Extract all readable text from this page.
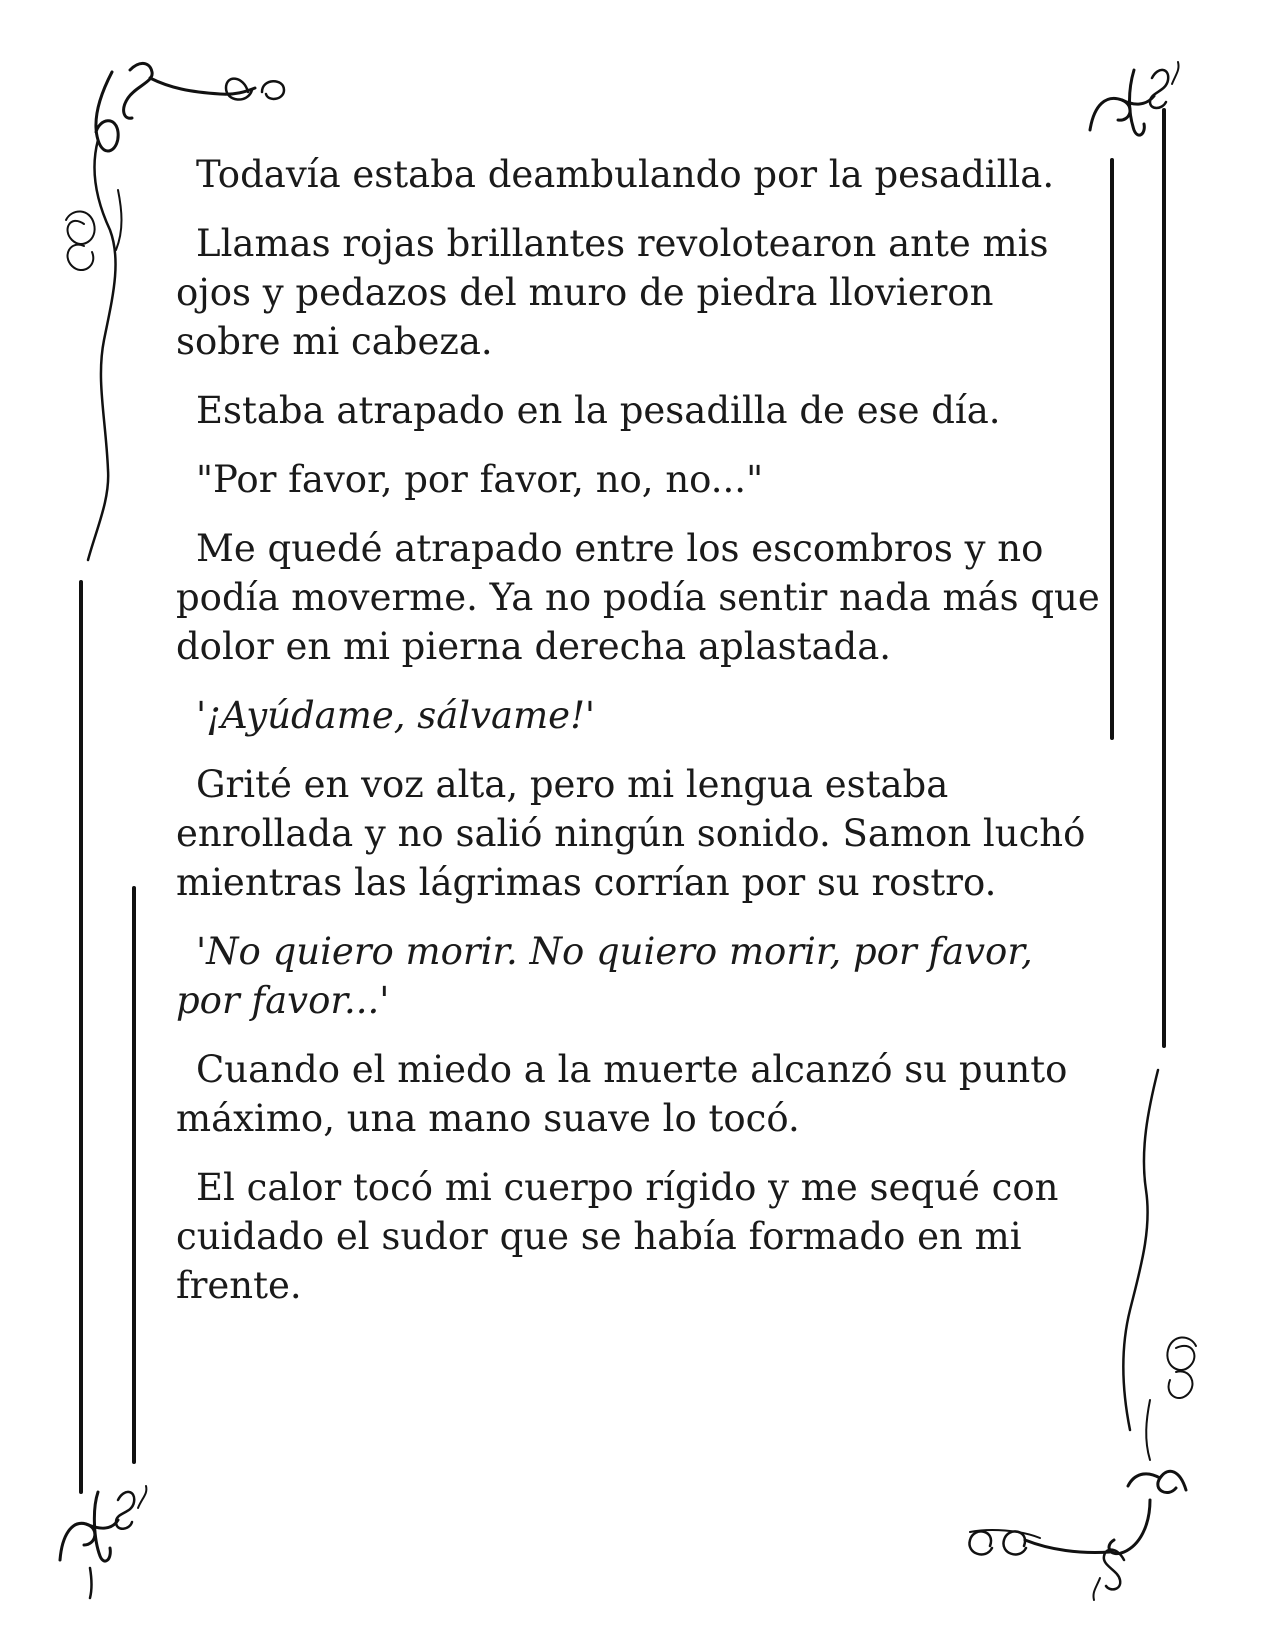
Todavía estaba deambulando por la pesadilla.

Llamas rojas brillantes revolotearon ante mis ojos y pedazos del muro de piedra llovieron sobre mi cabeza.

Estaba atrapado en la pesadilla de ese día.

"Por favor, por favor, no, no..."

Me quedé atrapado entre los escombros y no podía moverme. Ya no podía sentir nada más que dolor en mi pierna derecha aplastada.

'¡Ayúdame, sálvame!'

Grité en voz alta, pero mi lengua estaba enrollada y no salió ningún sonido. Samon luchó mientras las lágrimas corrían por su rostro.

'No quiero morir. No quiero morir, por favor, por favor...'

Cuando el miedo a la muerte alcanzó su punto máximo, una mano suave lo tocó.

El calor tocó mi cuerpo rígido y me sequé con cuidado el sudor que se había formado en mi frente.
